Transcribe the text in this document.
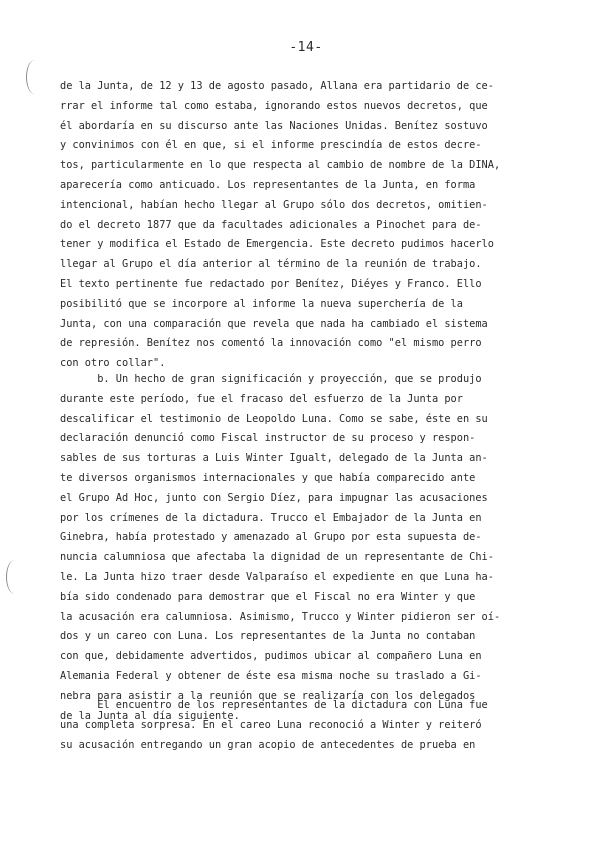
-14-
de la Junta, de 12 y 13 de agosto pasado, Allana era partidario de ce-
rrar el informe tal como estaba, ignorando estos nuevos decretos, que
él abordaría en su discurso ante las Naciones Unidas. Benítez sostuvo
y convinimos con él en que, si el informe prescindía de estos decre-
tos, particularmente en lo que respecta al cambio de nombre de la DINA,
aparecería como anticuado. Los representantes de la Junta, en forma
intencional, habían hecho llegar al Grupo sólo dos decretos, omitien-
do el decreto 1877 que da facultades adicionales a Pinochet para de-
tener y modifica el Estado de Emergencia. Este decreto pudimos hacerlo
llegar al Grupo el día anterior al término de la reunión de trabajo.
El texto pertinente fue redactado por Benítez, Diéyes y Franco. Ello
posibilitó que se incorpore al informe la nueva superchería de la
Junta, con una comparación que revela que nada ha cambiado el sistema
de represión. Benítez nos comentó la innovación como "el mismo perro
con otro collar".
b. Un hecho de gran significación y proyección, que se produjo
durante este período, fue el fracaso del esfuerzo de la Junta por
descalificar el testimonio de Leopoldo Luna. Como se sabe, éste en su
declaración denunció como Fiscal instructor de su proceso y respon-
sables de sus torturas a Luis Winter Igualt, delegado de la Junta an-
te diversos organismos internacionales y que había comparecido ante
el Grupo Ad Hoc, junto con Sergio Díez, para impugnar las acusaciones
por los crímenes de la dictadura. Trucco el Embajador de la Junta en
Ginebra, había protestado y amenazado al Grupo por esta supuesta de-
nuncia calumniosa que afectaba la dignidad de un representante de Chi-
le. La Junta hizo traer desde Valparaíso el expediente en que Luna ha-
bía sido condenado para demostrar que el Fiscal no era Winter y que
la acusación era calumniosa. Asimismo, Trucco y Winter pidieron ser oí-
dos y un careo con Luna. Los representantes de la Junta no contaban
con que, debidamente advertidos, pudimos ubicar al compañero Luna en
Alemania Federal y obtener de éste esa misma noche su traslado a Gi-
nebra para asistir a la reunión que se realizaría con los delegados
de la Junta al día siguiente.
El encuentro de los representantes de la dictadura con Luna fue
una completa sorpresa. En el careo Luna reconoció a Winter y reiteró
su acusación entregando un gran acopio de antecedentes de prueba en
